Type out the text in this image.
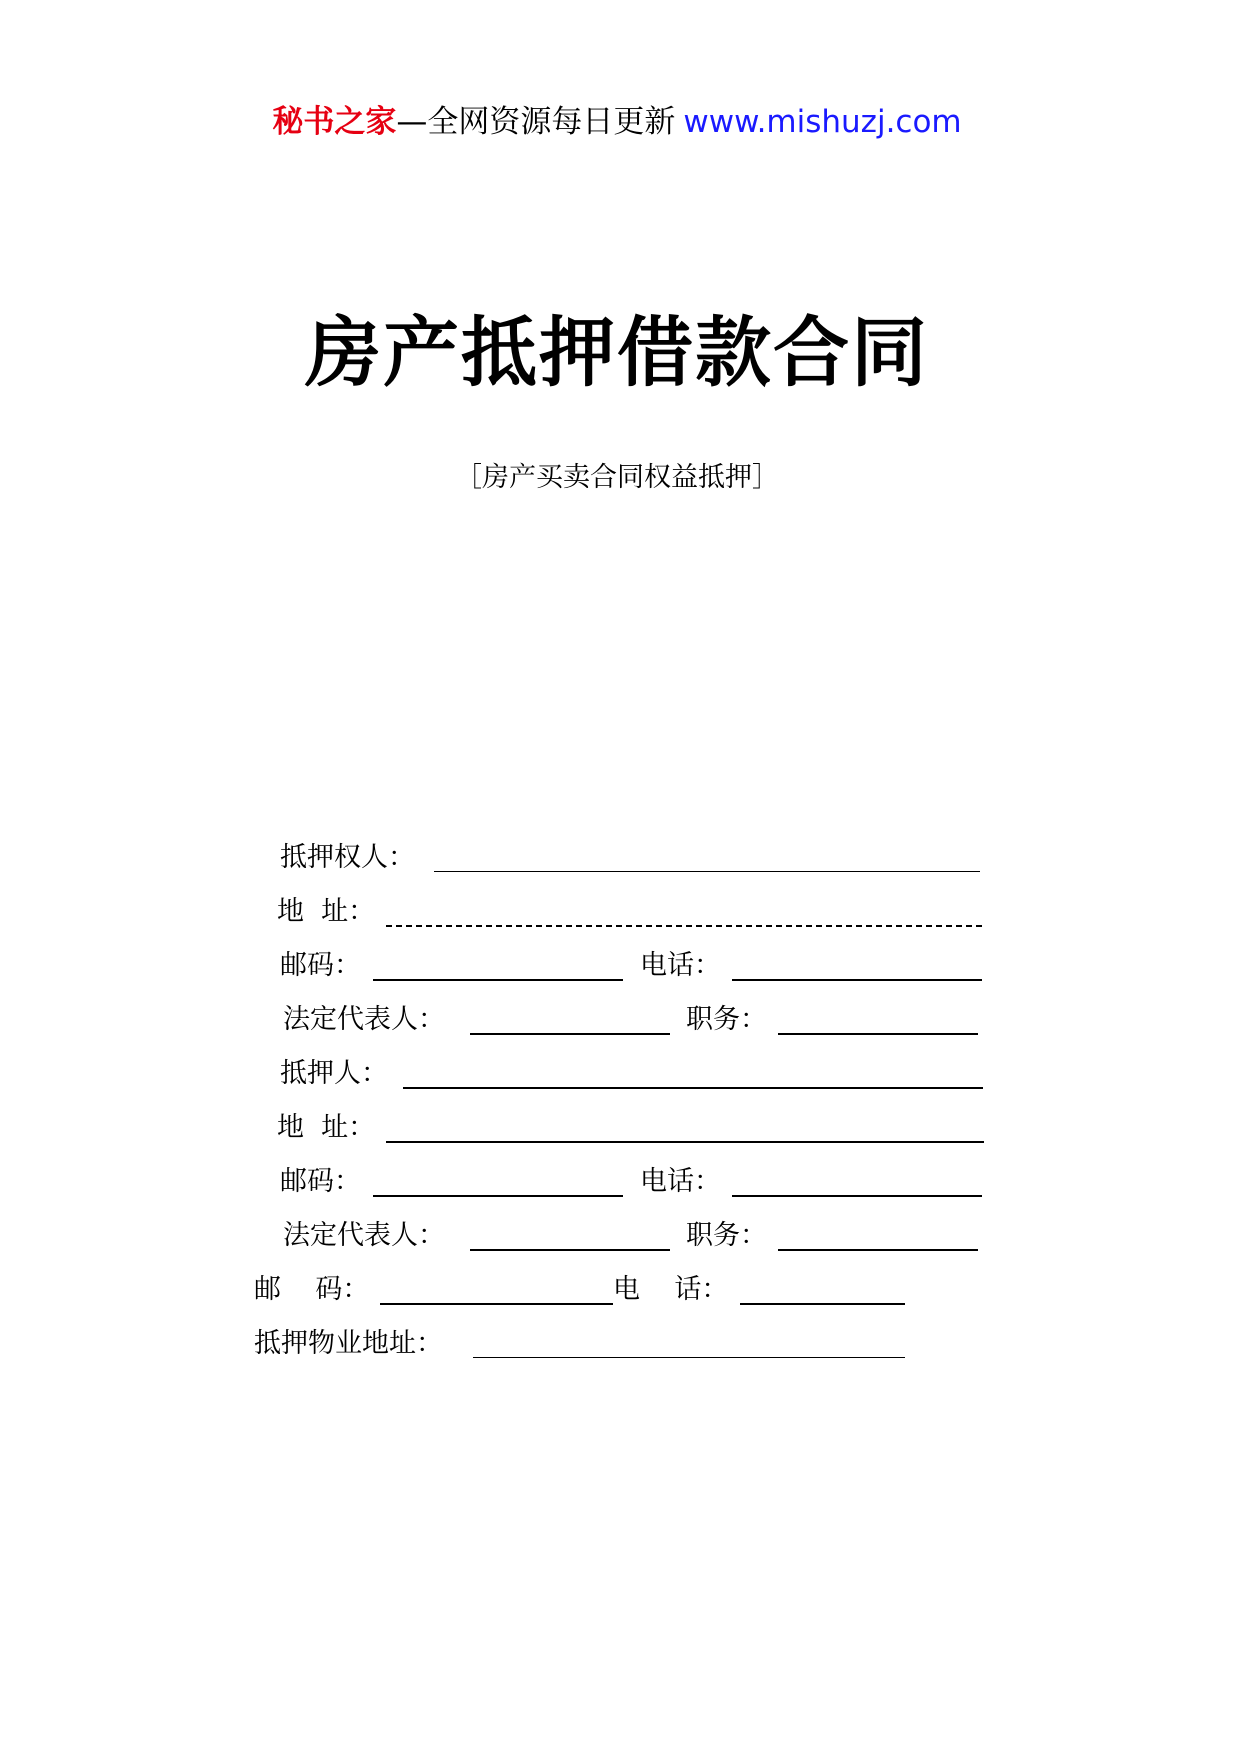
秘书之家—全网资源每日更新 www.mishuzj.com
房产抵押借款合同
［房产买卖合同权益抵押］
抵押权人：
地  址：
邮码：	电话：
法定代表人：	职务：
抵押人：
地  址：
邮码：	电话：
法定代表人：	职务：
邮    码：	电    话：
抵押物业地址：
